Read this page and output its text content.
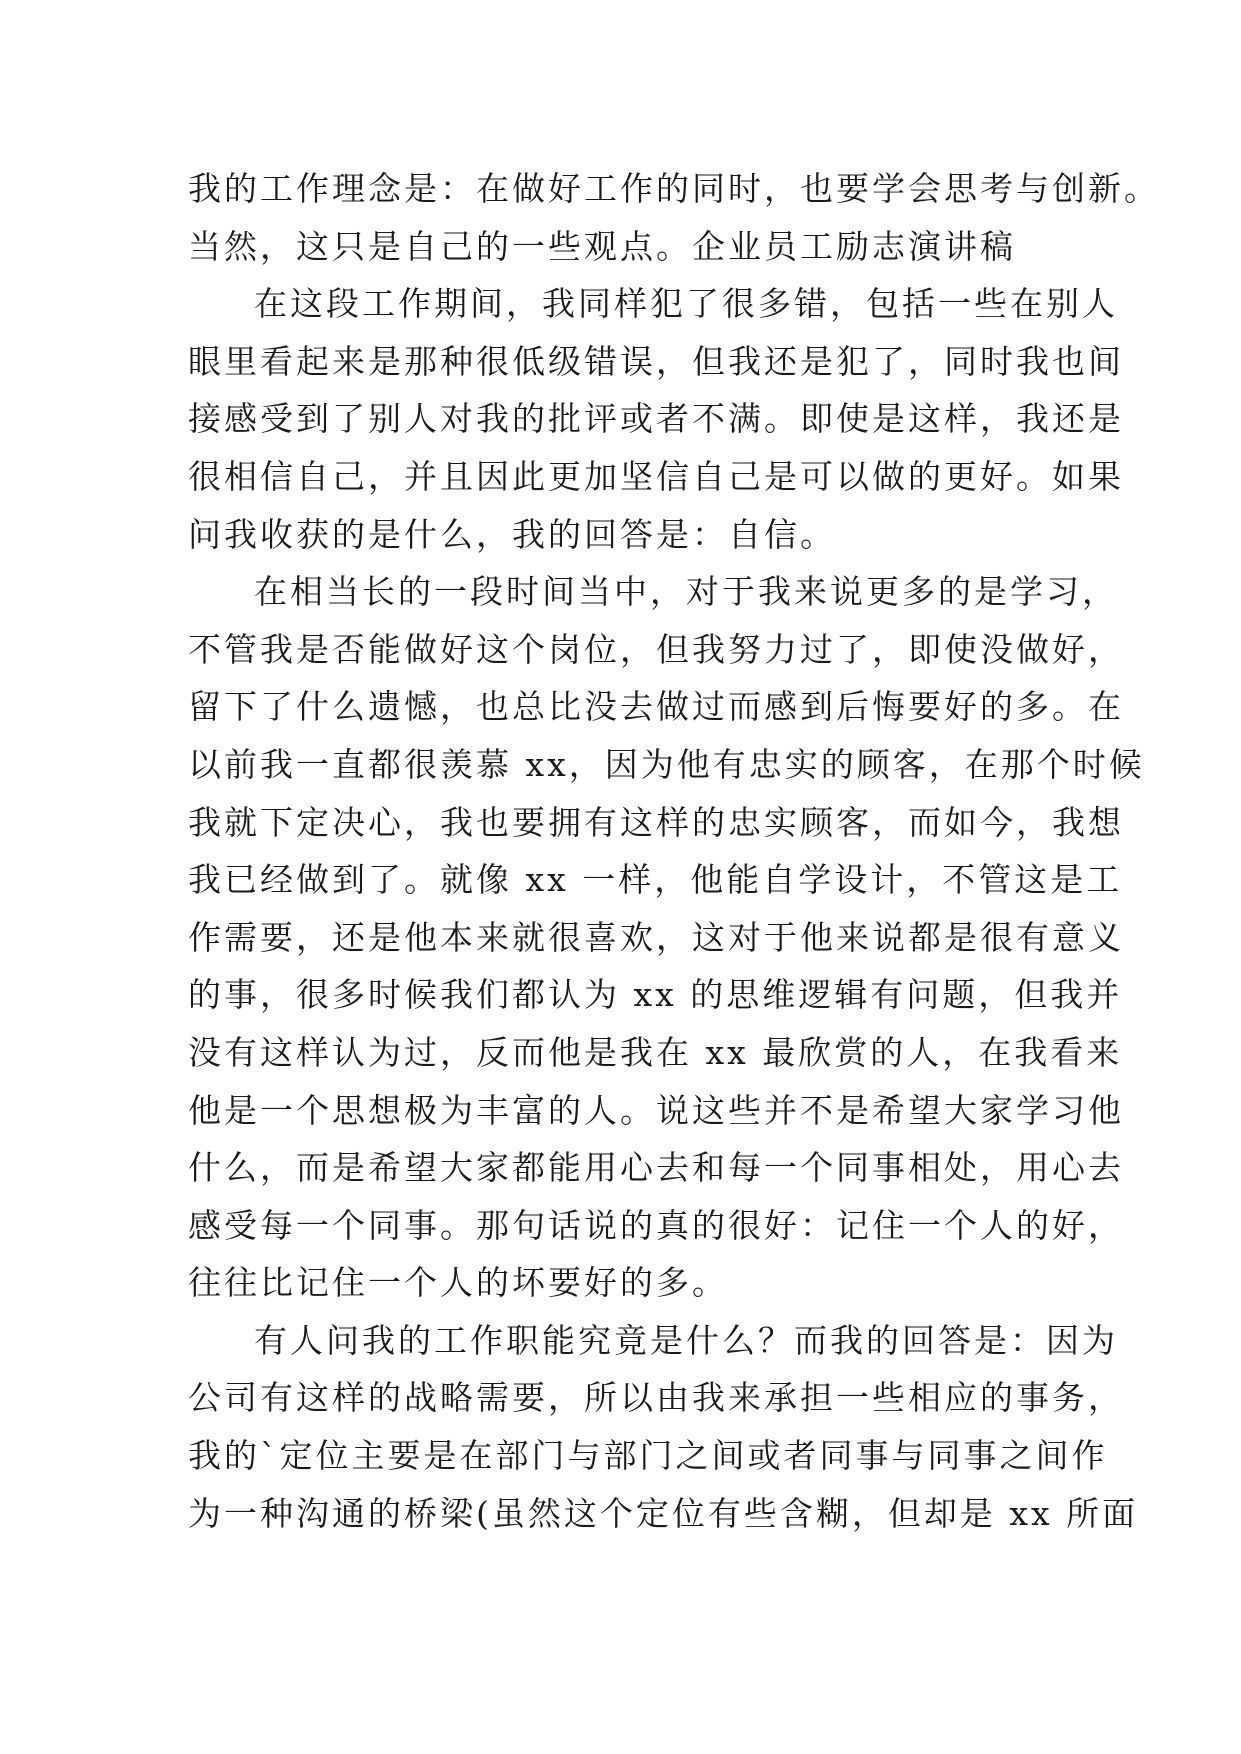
我的工作理念是：在做好工作的同时，也要学会思考与创新。
当然，这只是自己的一些观点。企业员工励志演讲稿
在这段工作期间，我同样犯了很多错，包括一些在别人
眼里看起来是那种很低级错误，但我还是犯了，同时我也间
接感受到了别人对我的批评或者不满。即使是这样，我还是
很相信自己，并且因此更加坚信自己是可以做的更好。如果
问我收获的是什么，我的回答是：自信。
在相当长的一段时间当中，对于我来说更多的是学习，
不管我是否能做好这个岗位，但我努力过了，即使没做好，
留下了什么遗憾，也总比没去做过而感到后悔要好的多。在
以前我一直都很羡慕 xx，因为他有忠实的顾客，在那个时候
我就下定决心，我也要拥有这样的忠实顾客，而如今，我想
我已经做到了。就像 xx 一样，他能自学设计，不管这是工
作需要，还是他本来就很喜欢，这对于他来说都是很有意义
的事，很多时候我们都认为 xx 的思维逻辑有问题，但我并
没有这样认为过，反而他是我在 xx 最欣赏的人，在我看来
他是一个思想极为丰富的人。说这些并不是希望大家学习他
什么，而是希望大家都能用心去和每一个同事相处，用心去
感受每一个同事。那句话说的真的很好：记住一个人的好，
往往比记住一个人的坏要好的多。
有人问我的工作职能究竟是什么？而我的回答是：因为
公司有这样的战略需要，所以由我来承担一些相应的事务，
我的`定位主要是在部门与部门之间或者同事与同事之间作
为一种沟通的桥梁(虽然这个定位有些含糊，但却是 xx 所面
